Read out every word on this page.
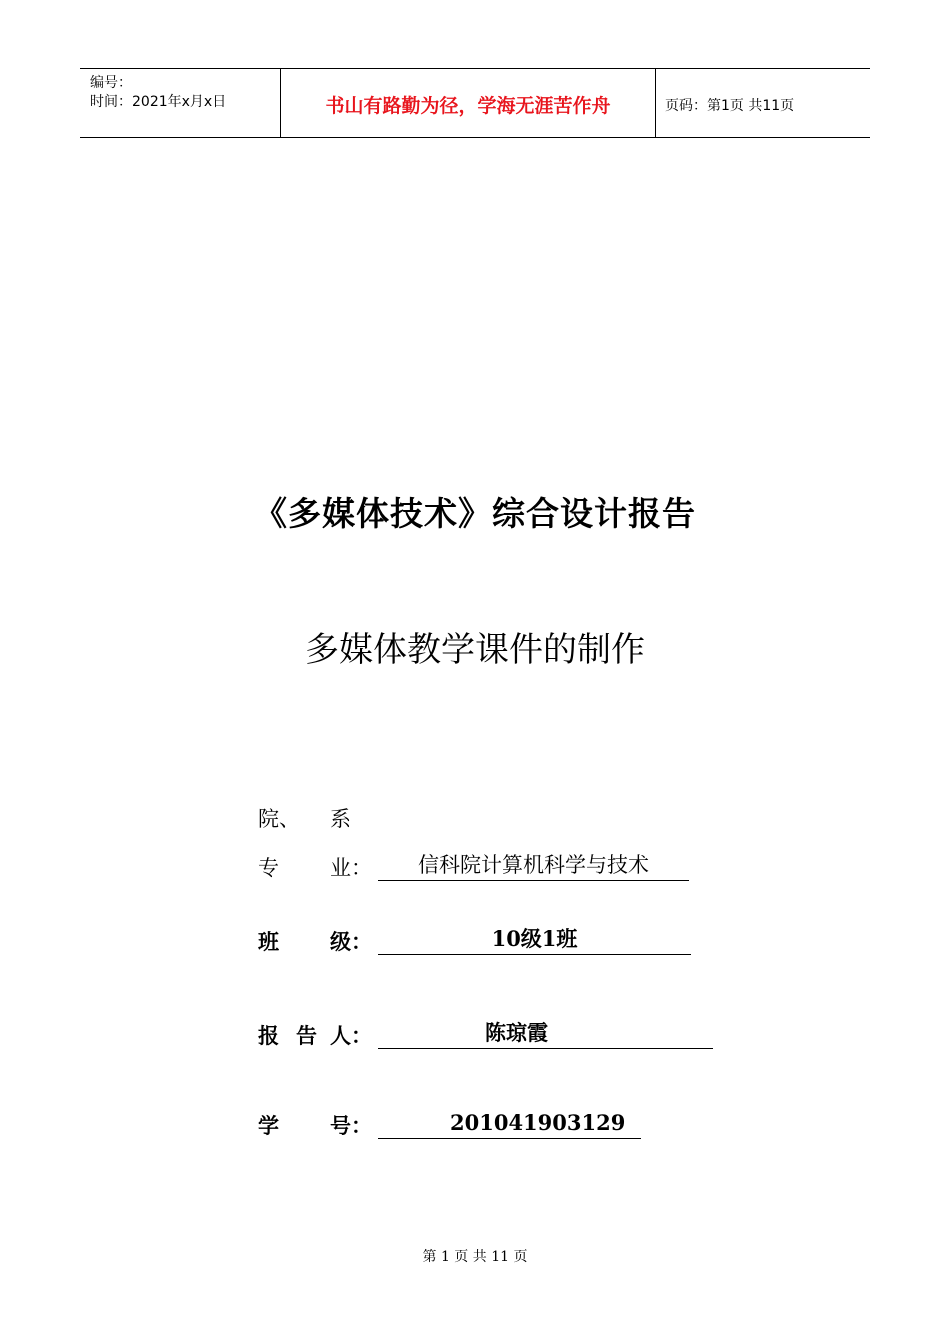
编号：
时间：2021年x月x日	书山有路勤为径，学海无涯苦作舟	页码：第1页 共11页
《多媒体技术》综合设计报告
多媒体教学课件的制作
院、 系
专 业：	信科院计算机科学与技术
班 级：	10级1班
报 告 人：	陈琼霞
学 号：	201041903129
第 1 页 共 11 页
